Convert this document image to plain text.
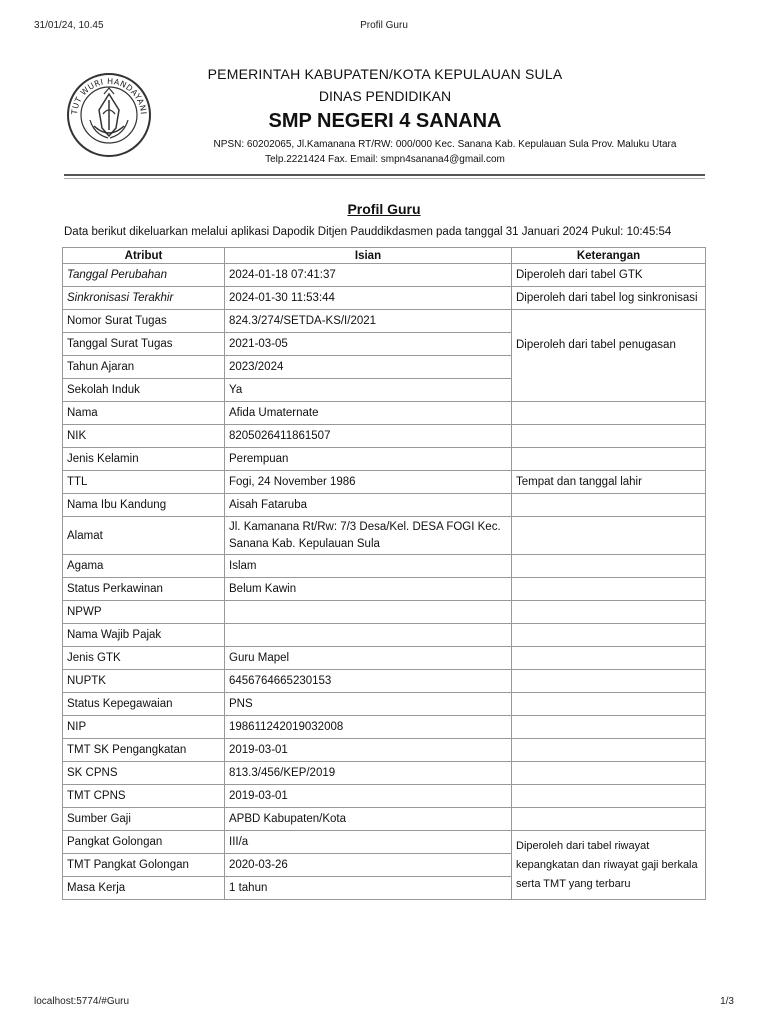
31/01/24, 10.45	Profil Guru
TUT WURI HANDAYANI
PEMERINTAH KABUPATEN/KOTA KEPULAUAN SULA
DINAS PENDIDIKAN
SMP NEGERI 4 SANANA
NPSN: 60202065, Jl.Kamanana RT/RW: 000/000 Kec. Sanana Kab. Kepulauan Sula Prov. Maluku Utara
Telp.2221424 Fax. Email: smpn4sanana4@gmail.com
Profil Guru
Data berikut dikeluarkan melalui aplikasi Dapodik Ditjen Pauddikdasmen pada tanggal 31 Januari 2024 Pukul: 10:45:54
Atribut	Isian	Keterangan
Tanggal Perubahan	2024-01-18 07:41:37	Diperoleh dari tabel GTK
Sinkronisasi Terakhir	2024-01-30 11:53:44	Diperoleh dari tabel log sinkronisasi
Nomor Surat Tugas	824.3/274/SETDA-KS/I/2021	Diperoleh dari tabel penugasan
Tanggal Surat Tugas	2021-03-05	
Tahun Ajaran	2023/2024	
Sekolah Induk	Ya	
Nama	Afida Umaternate	
NIK	8205026411861507	
Jenis Kelamin	Perempuan	
TTL	Fogi, 24 November 1986	Tempat dan tanggal lahir
Nama Ibu Kandung	Aisah Fataruba	
Alamat	Jl. Kamanana Rt/Rw: 7/3 Desa/Kel. DESA FOGI Kec. Sanana Kab. Kepulauan Sula	
Agama	Islam	
Status Perkawinan	Belum Kawin	
NPWP		
Nama Wajib Pajak		
Jenis GTK	Guru Mapel	
NUPTK	6456764665230153	
Status Kepegawaian	PNS	
NIP	198611242019032008	
TMT SK Pengangkatan	2019-03-01	
SK CPNS	813.3/456/KEP/2019	
TMT CPNS	2019-03-01	
Sumber Gaji	APBD Kabupaten/Kota	
Pangkat Golongan	III/a	Diperoleh dari tabel riwayat kepangkatan dan riwayat gaji berkala serta TMT yang terbaru
TMT Pangkat Golongan	2020-03-26	
Masa Kerja	1 tahun	
localhost:5774/#Guru	1/3
